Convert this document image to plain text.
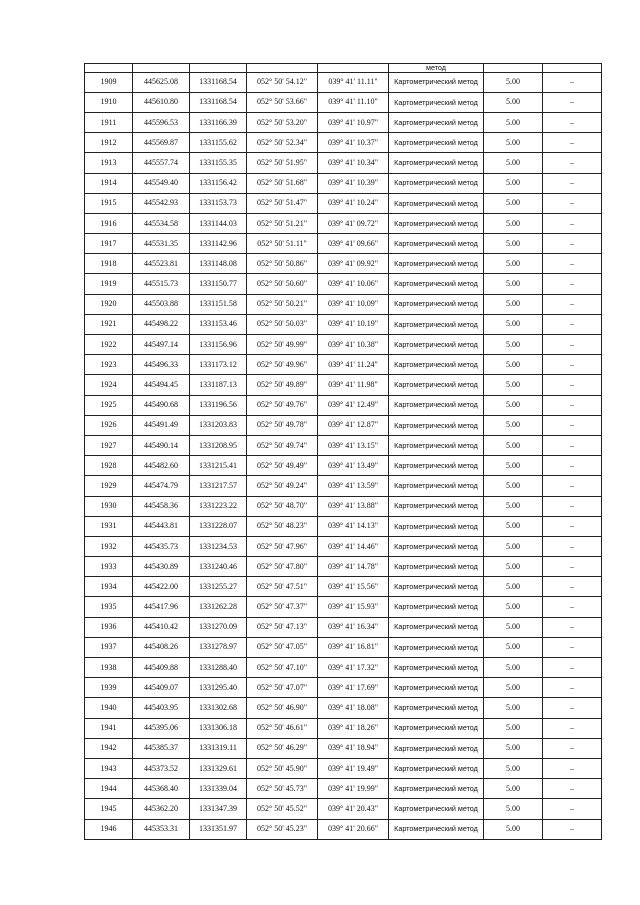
					метод		
1909	445625.08	1331168.54	052° 50' 54.12"	039° 41' 11.11"	Картометрический метод	5.00	–
1910	445610.80	1331168.54	052° 50' 53.66"	039° 41' 11.10"	Картометрический метод	5.00	–
1911	445596.53	1331166.39	052° 50' 53.20"	039° 41' 10.97"	Картометрический метод	5.00	–
1912	445569.87	1331155.62	052° 50' 52.34"	039° 41' 10.37"	Картометрический метод	5.00	–
1913	445557.74	1331155.35	052° 50' 51.95"	039° 41' 10.34"	Картометрический метод	5.00	–
1914	445549.40	1331156.42	052° 50' 51.68"	039° 41' 10.39"	Картометрический метод	5.00	–
1915	445542.93	1331153.73	052° 50' 51.47"	039° 41' 10.24"	Картометрический метод	5.00	–
1916	445534.58	1331144.03	052° 50' 51.21"	039° 41' 09.72"	Картометрический метод	5.00	–
1917	445531.35	1331142.96	052° 50' 51.11"	039° 41' 09.66"	Картометрический метод	5.00	–
1918	445523.81	1331148.08	052° 50' 50.86"	039° 41' 09.92"	Картометрический метод	5.00	–
1919	445515.73	1331150.77	052° 50' 50.60"	039° 41' 10.06"	Картометрический метод	5.00	–
1920	445503.88	1331151.58	052° 50' 50.21"	039° 41' 10.09"	Картометрический метод	5.00	–
1921	445498.22	1331153.46	052° 50' 50.03"	039° 41' 10.19"	Картометрический метод	5.00	–
1922	445497.14	1331156.96	052° 50' 49.99"	039° 41' 10.38"	Картометрический метод	5.00	–
1923	445496.33	1331173.12	052° 50' 49.96"	039° 41' 11.24"	Картометрический метод	5.00	–
1924	445494.45	1331187.13	052° 50' 49.89"	039° 41' 11.98"	Картометрический метод	5.00	–
1925	445490.68	1331196.56	052° 50' 49.76"	039° 41' 12.49"	Картометрический метод	5.00	–
1926	445491.49	1331203.83	052° 50' 49.78"	039° 41' 12.87"	Картометрический метод	5.00	–
1927	445490.14	1331208.95	052° 50' 49.74"	039° 41' 13.15"	Картометрический метод	5.00	–
1928	445482.60	1331215.41	052° 50' 49.49"	039° 41' 13.49"	Картометрический метод	5.00	–
1929	445474.79	1331217.57	052° 50' 49.24"	039° 41' 13.59"	Картометрический метод	5.00	–
1930	445458.36	1331223.22	052° 50' 48.70"	039° 41' 13.88"	Картометрический метод	5.00	–
1931	445443.81	1331228.07	052° 50' 48.23"	039° 41' 14.13"	Картометрический метод	5.00	–
1932	445435.73	1331234.53	052° 50' 47.96"	039° 41' 14.46"	Картометрический метод	5.00	–
1933	445430.89	1331240.46	052° 50' 47.80"	039° 41' 14.78"	Картометрический метод	5.00	–
1934	445422.00	1331255.27	052° 50' 47.51"	039° 41' 15.56"	Картометрический метод	5.00	–
1935	445417.96	1331262.28	052° 50' 47.37"	039° 41' 15.93"	Картометрический метод	5.00	–
1936	445410.42	1331270.09	052° 50' 47.13"	039° 41' 16.34"	Картометрический метод	5.00	–
1937	445408.26	1331278.97	052° 50' 47.05"	039° 41' 16.81"	Картометрический метод	5.00	–
1938	445409.88	1331288.40	052° 50' 47.10"	039° 41' 17.32"	Картометрический метод	5.00	–
1939	445409.07	1331295.40	052° 50' 47.07"	039° 41' 17.69"	Картометрический метод	5.00	–
1940	445403.95	1331302.68	052° 50' 46.90"	039° 41' 18.08"	Картометрический метод	5.00	–
1941	445395.06	1331306.18	052° 50' 46.61"	039° 41' 18.26"	Картометрический метод	5.00	–
1942	445385.37	1331319.11	052° 50' 46.29"	039° 41' 18.94"	Картометрический метод	5.00	–
1943	445373.52	1331329.61	052° 50' 45.90"	039° 41' 19.49"	Картометрический метод	5.00	–
1944	445368.40	1331339.04	052° 50' 45.73"	039° 41' 19.99"	Картометрический метод	5.00	–
1945	445362.20	1331347.39	052° 50' 45.52"	039° 41' 20.43"	Картометрический метод	5.00	–
1946	445353.31	1331351.97	052° 50' 45.23"	039° 41' 20.66"	Картометрический метод	5.00	–
